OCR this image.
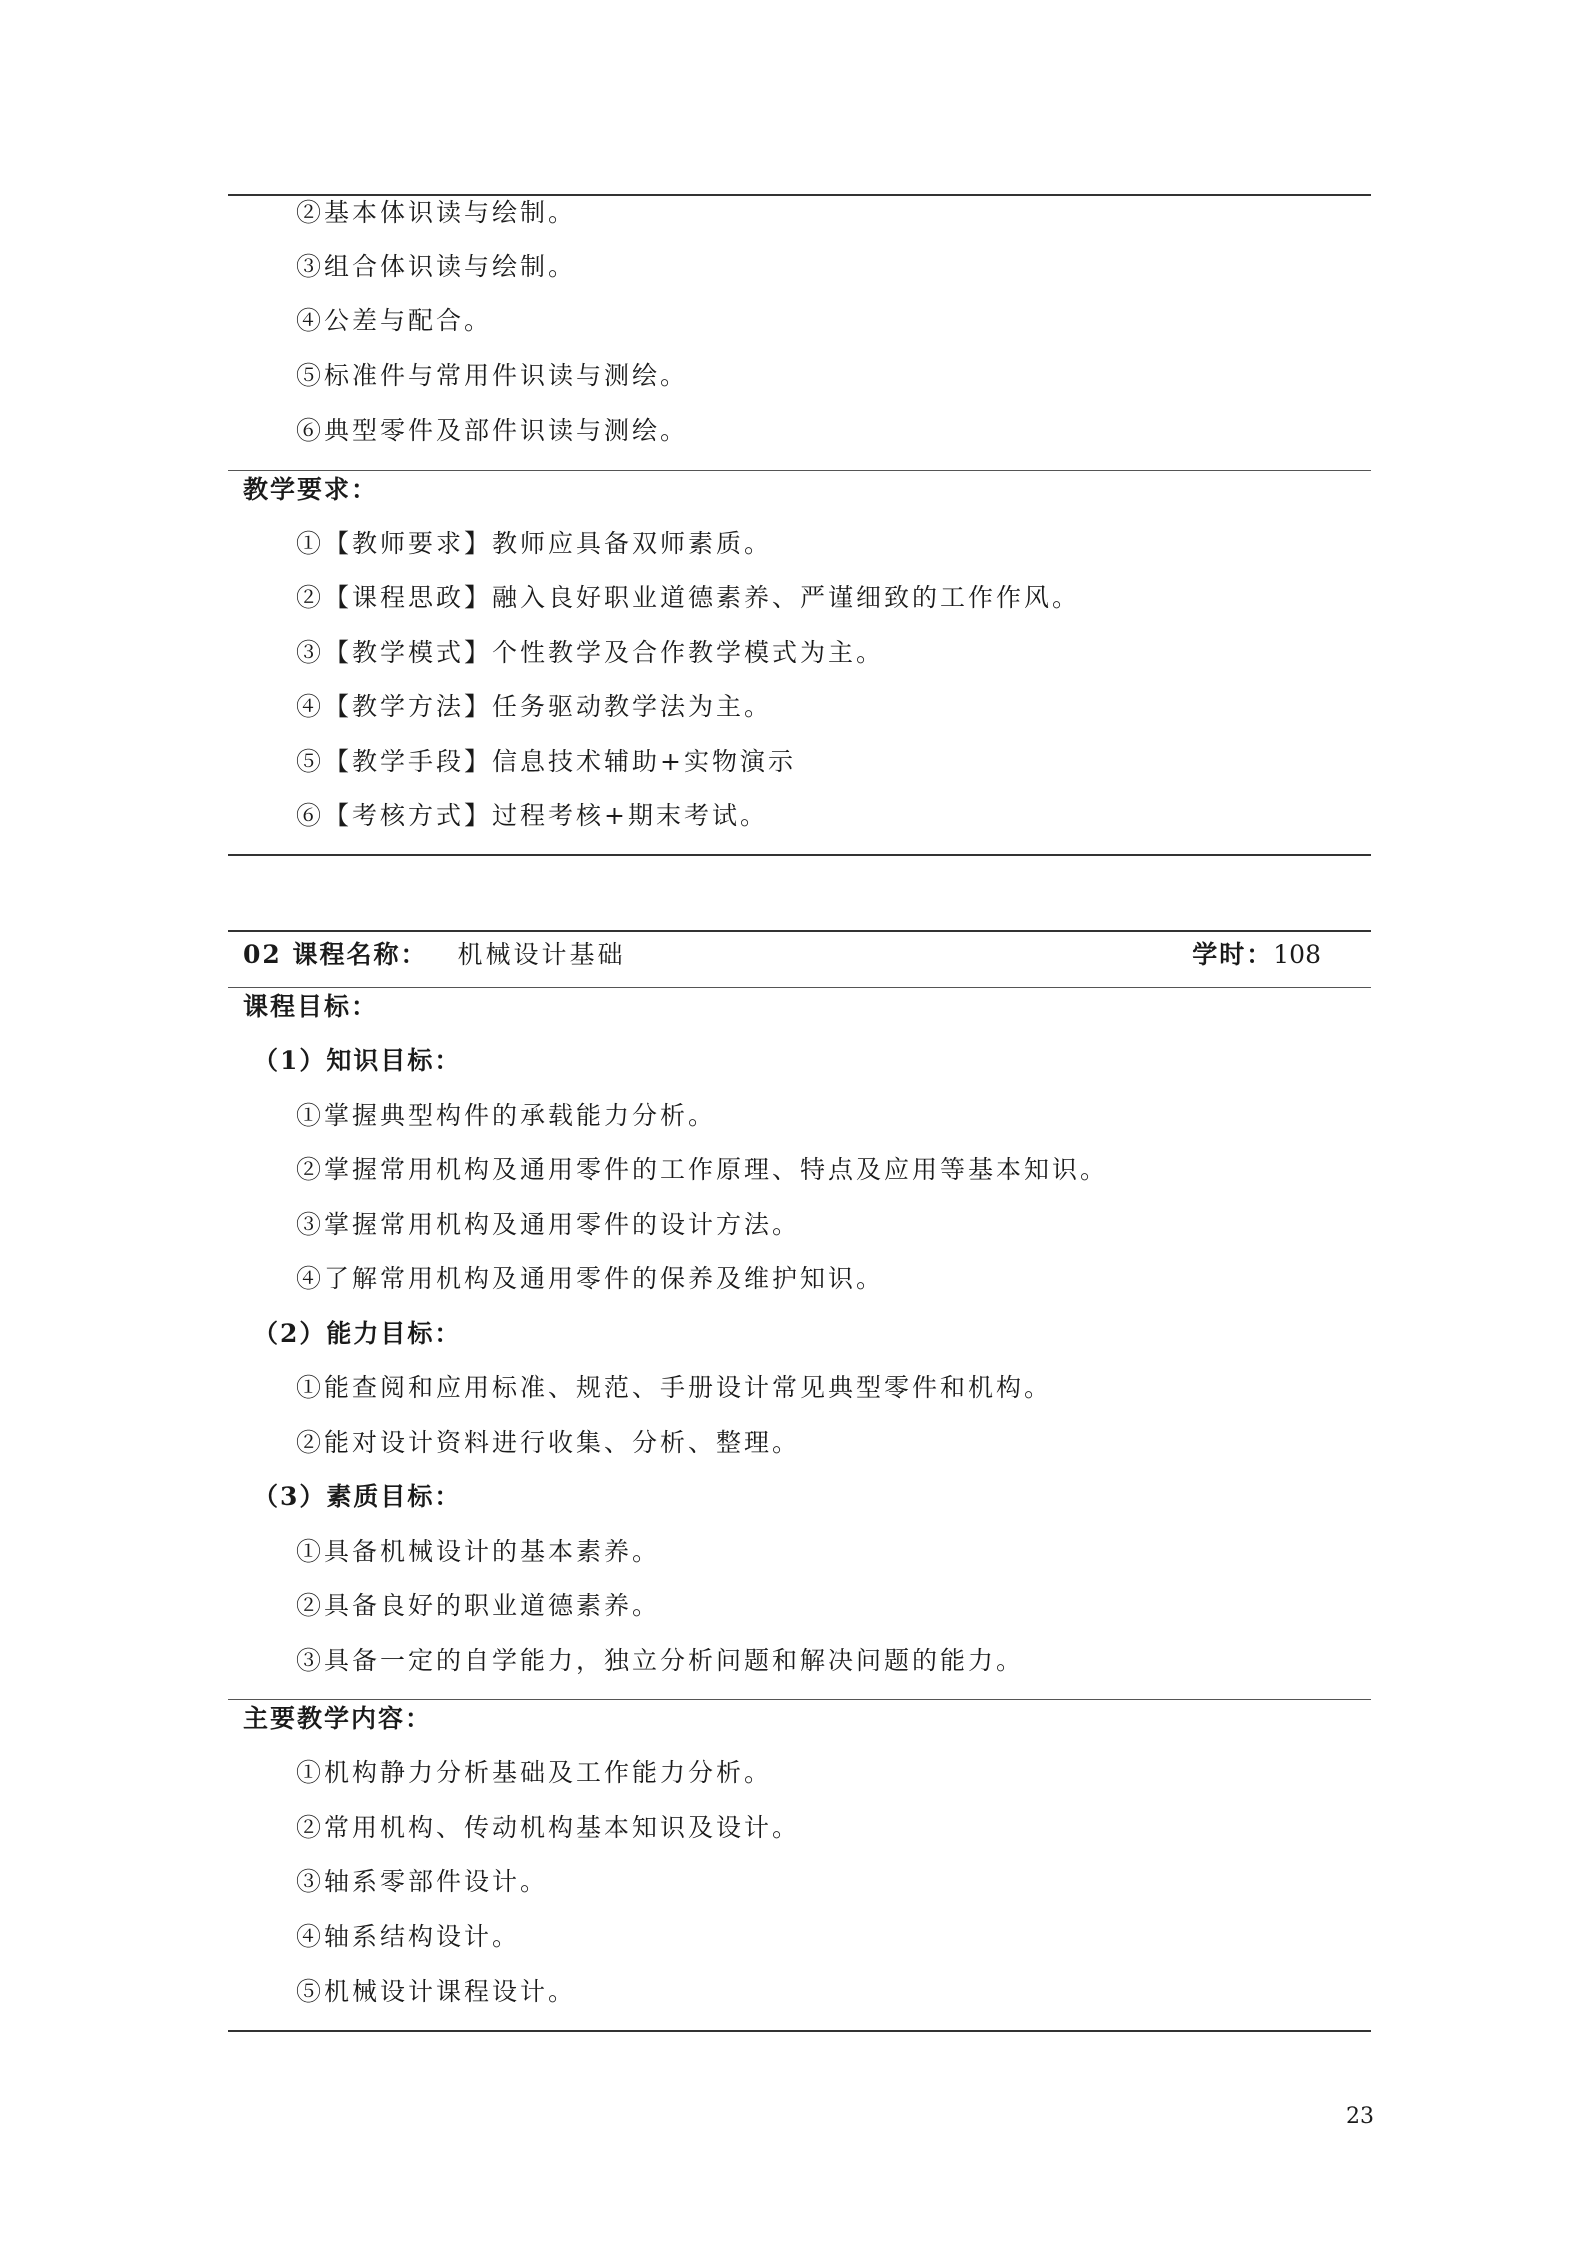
②基本体识读与绘制。
③组合体识读与绘制。
④公差与配合。
⑤标准件与常用件识读与测绘。
⑥典型零件及部件识读与测绘。
教学要求：
①【教师要求】教师应具备双师素质。
②【课程思政】融入良好职业道德素养、严谨细致的工作作风。
③【教学模式】个性教学及合作教学模式为主。
④【教学方法】任务驱动教学法为主。
⑤【教学手段】信息技术辅助+实物演示
⑥【考核方式】过程考核+期末考试。
02 课程名称： 机械设计基础	学时：108
课程目标：
（1）知识目标：
①掌握典型构件的承载能力分析。
②掌握常用机构及通用零件的工作原理、特点及应用等基本知识。
③掌握常用机构及通用零件的设计方法。
④了解常用机构及通用零件的保养及维护知识。
（2）能力目标：
①能查阅和应用标准、规范、手册设计常见典型零件和机构。
②能对设计资料进行收集、分析、整理。
（3）素质目标：
①具备机械设计的基本素养。
②具备良好的职业道德素养。
③具备一定的自学能力，独立分析问题和解决问题的能力。
主要教学内容：
①机构静力分析基础及工作能力分析。
②常用机构、传动机构基本知识及设计。
③轴系零部件设计。
④轴系结构设计。
⑤机械设计课程设计。
23
